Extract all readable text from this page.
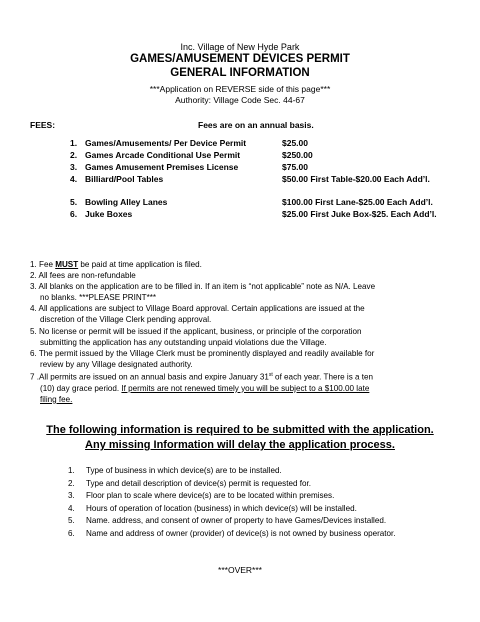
Inc. Village of New Hyde Park
GAMES/AMUSEMENT DEVICES PERMIT
GENERAL INFORMATION
***Application on REVERSE side of this page***
Authority: Village Code Sec. 44-67
FEES:	Fees are on an annual basis.
1. Games/Amusements/ Per Device Permit	$25.00
2. Games Arcade Conditional Use Permit	$250.00
3. Games Amusement Premises License	$75.00
4. Billiard/Pool Tables	$50.00 First Table-$20.00 Each Add’l.
5. Bowling Alley Lanes	$100.00 First Lane-$25.00 Each Add’l.
6. Juke Boxes	$25.00 First Juke Box-$25. Each Add’l.
1. Fee MUST be paid at time application is filed.
2. All fees are non-refundable
3. All blanks on the application are to be filled in. If an item is “not applicable” note as N/A. Leave
no blanks. ***PLEASE PRINT***
4. All applications are subject to Village Board approval. Certain applications are issued at the
discretion of the Village Clerk pending approval.
5. No license or permit will be issued if the applicant, business, or principle of the corporation
submitting the application has any outstanding unpaid violations due the Village.
6. The permit issued by the Village Clerk must be prominently displayed and readily available for
review by any Village designated authority.
7 .All permits are issued on an annual basis and expire January 31st of each year. There is a ten
(10) day grace period. If permits are not renewed timely you will be subject to a $100.00 late
filing fee.
The following information is required to be submitted with the application.
Any missing Information will delay the application process.
1. Type of business in which device(s) are to be installed.
2. Type and detail description of device(s) permit is requested for.
3. Floor plan to scale where device(s) are to be located within premises.
4. Hours of operation of location (business) in which device(s) will be installed.
5. Name. address, and consent of owner of property to have Games/Devices installed.
6. Name and address of owner (provider) of device(s) is not owned by business operator.
***OVER***
